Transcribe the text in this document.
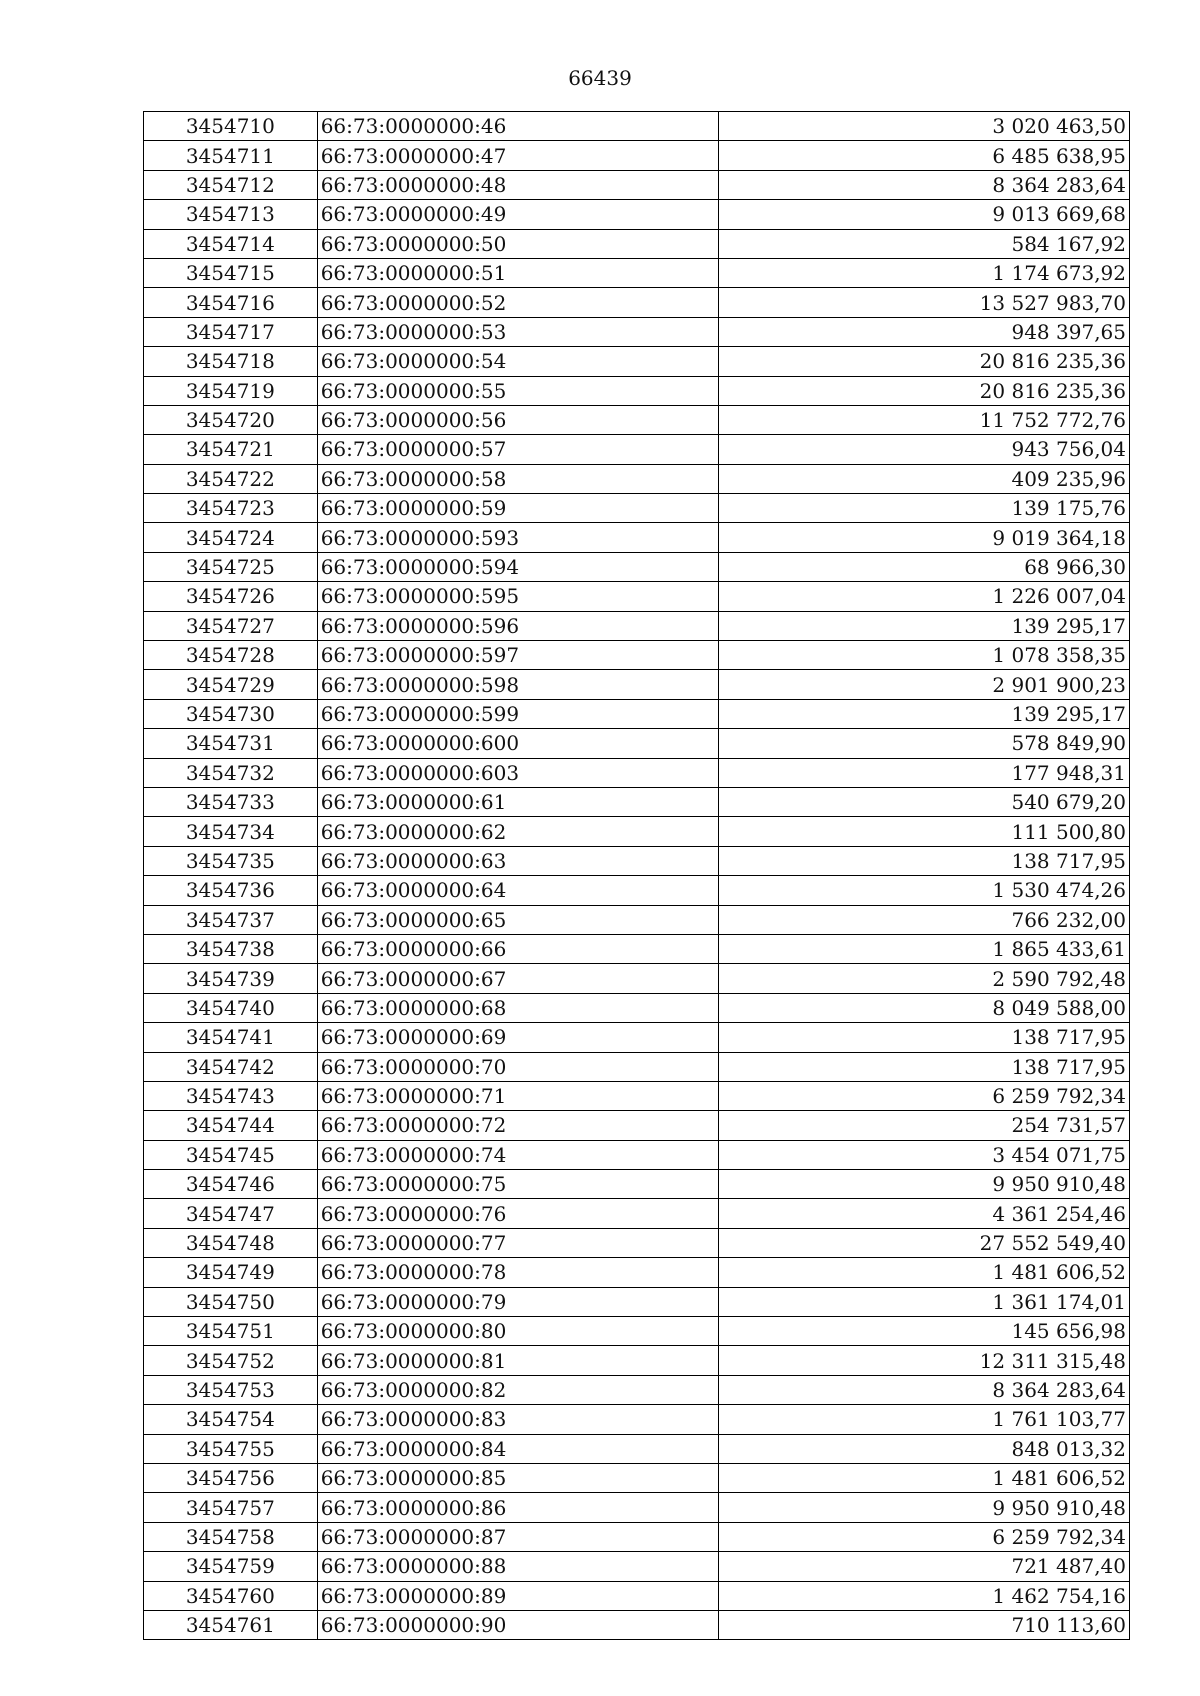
66439
3454710	66:73:0000000:46	3 020 463,50
3454711	66:73:0000000:47	6 485 638,95
3454712	66:73:0000000:48	8 364 283,64
3454713	66:73:0000000:49	9 013 669,68
3454714	66:73:0000000:50	584 167,92
3454715	66:73:0000000:51	1 174 673,92
3454716	66:73:0000000:52	13 527 983,70
3454717	66:73:0000000:53	948 397,65
3454718	66:73:0000000:54	20 816 235,36
3454719	66:73:0000000:55	20 816 235,36
3454720	66:73:0000000:56	11 752 772,76
3454721	66:73:0000000:57	943 756,04
3454722	66:73:0000000:58	409 235,96
3454723	66:73:0000000:59	139 175,76
3454724	66:73:0000000:593	9 019 364,18
3454725	66:73:0000000:594	68 966,30
3454726	66:73:0000000:595	1 226 007,04
3454727	66:73:0000000:596	139 295,17
3454728	66:73:0000000:597	1 078 358,35
3454729	66:73:0000000:598	2 901 900,23
3454730	66:73:0000000:599	139 295,17
3454731	66:73:0000000:600	578 849,90
3454732	66:73:0000000:603	177 948,31
3454733	66:73:0000000:61	540 679,20
3454734	66:73:0000000:62	111 500,80
3454735	66:73:0000000:63	138 717,95
3454736	66:73:0000000:64	1 530 474,26
3454737	66:73:0000000:65	766 232,00
3454738	66:73:0000000:66	1 865 433,61
3454739	66:73:0000000:67	2 590 792,48
3454740	66:73:0000000:68	8 049 588,00
3454741	66:73:0000000:69	138 717,95
3454742	66:73:0000000:70	138 717,95
3454743	66:73:0000000:71	6 259 792,34
3454744	66:73:0000000:72	254 731,57
3454745	66:73:0000000:74	3 454 071,75
3454746	66:73:0000000:75	9 950 910,48
3454747	66:73:0000000:76	4 361 254,46
3454748	66:73:0000000:77	27 552 549,40
3454749	66:73:0000000:78	1 481 606,52
3454750	66:73:0000000:79	1 361 174,01
3454751	66:73:0000000:80	145 656,98
3454752	66:73:0000000:81	12 311 315,48
3454753	66:73:0000000:82	8 364 283,64
3454754	66:73:0000000:83	1 761 103,77
3454755	66:73:0000000:84	848 013,32
3454756	66:73:0000000:85	1 481 606,52
3454757	66:73:0000000:86	9 950 910,48
3454758	66:73:0000000:87	6 259 792,34
3454759	66:73:0000000:88	721 487,40
3454760	66:73:0000000:89	1 462 754,16
3454761	66:73:0000000:90	710 113,60
